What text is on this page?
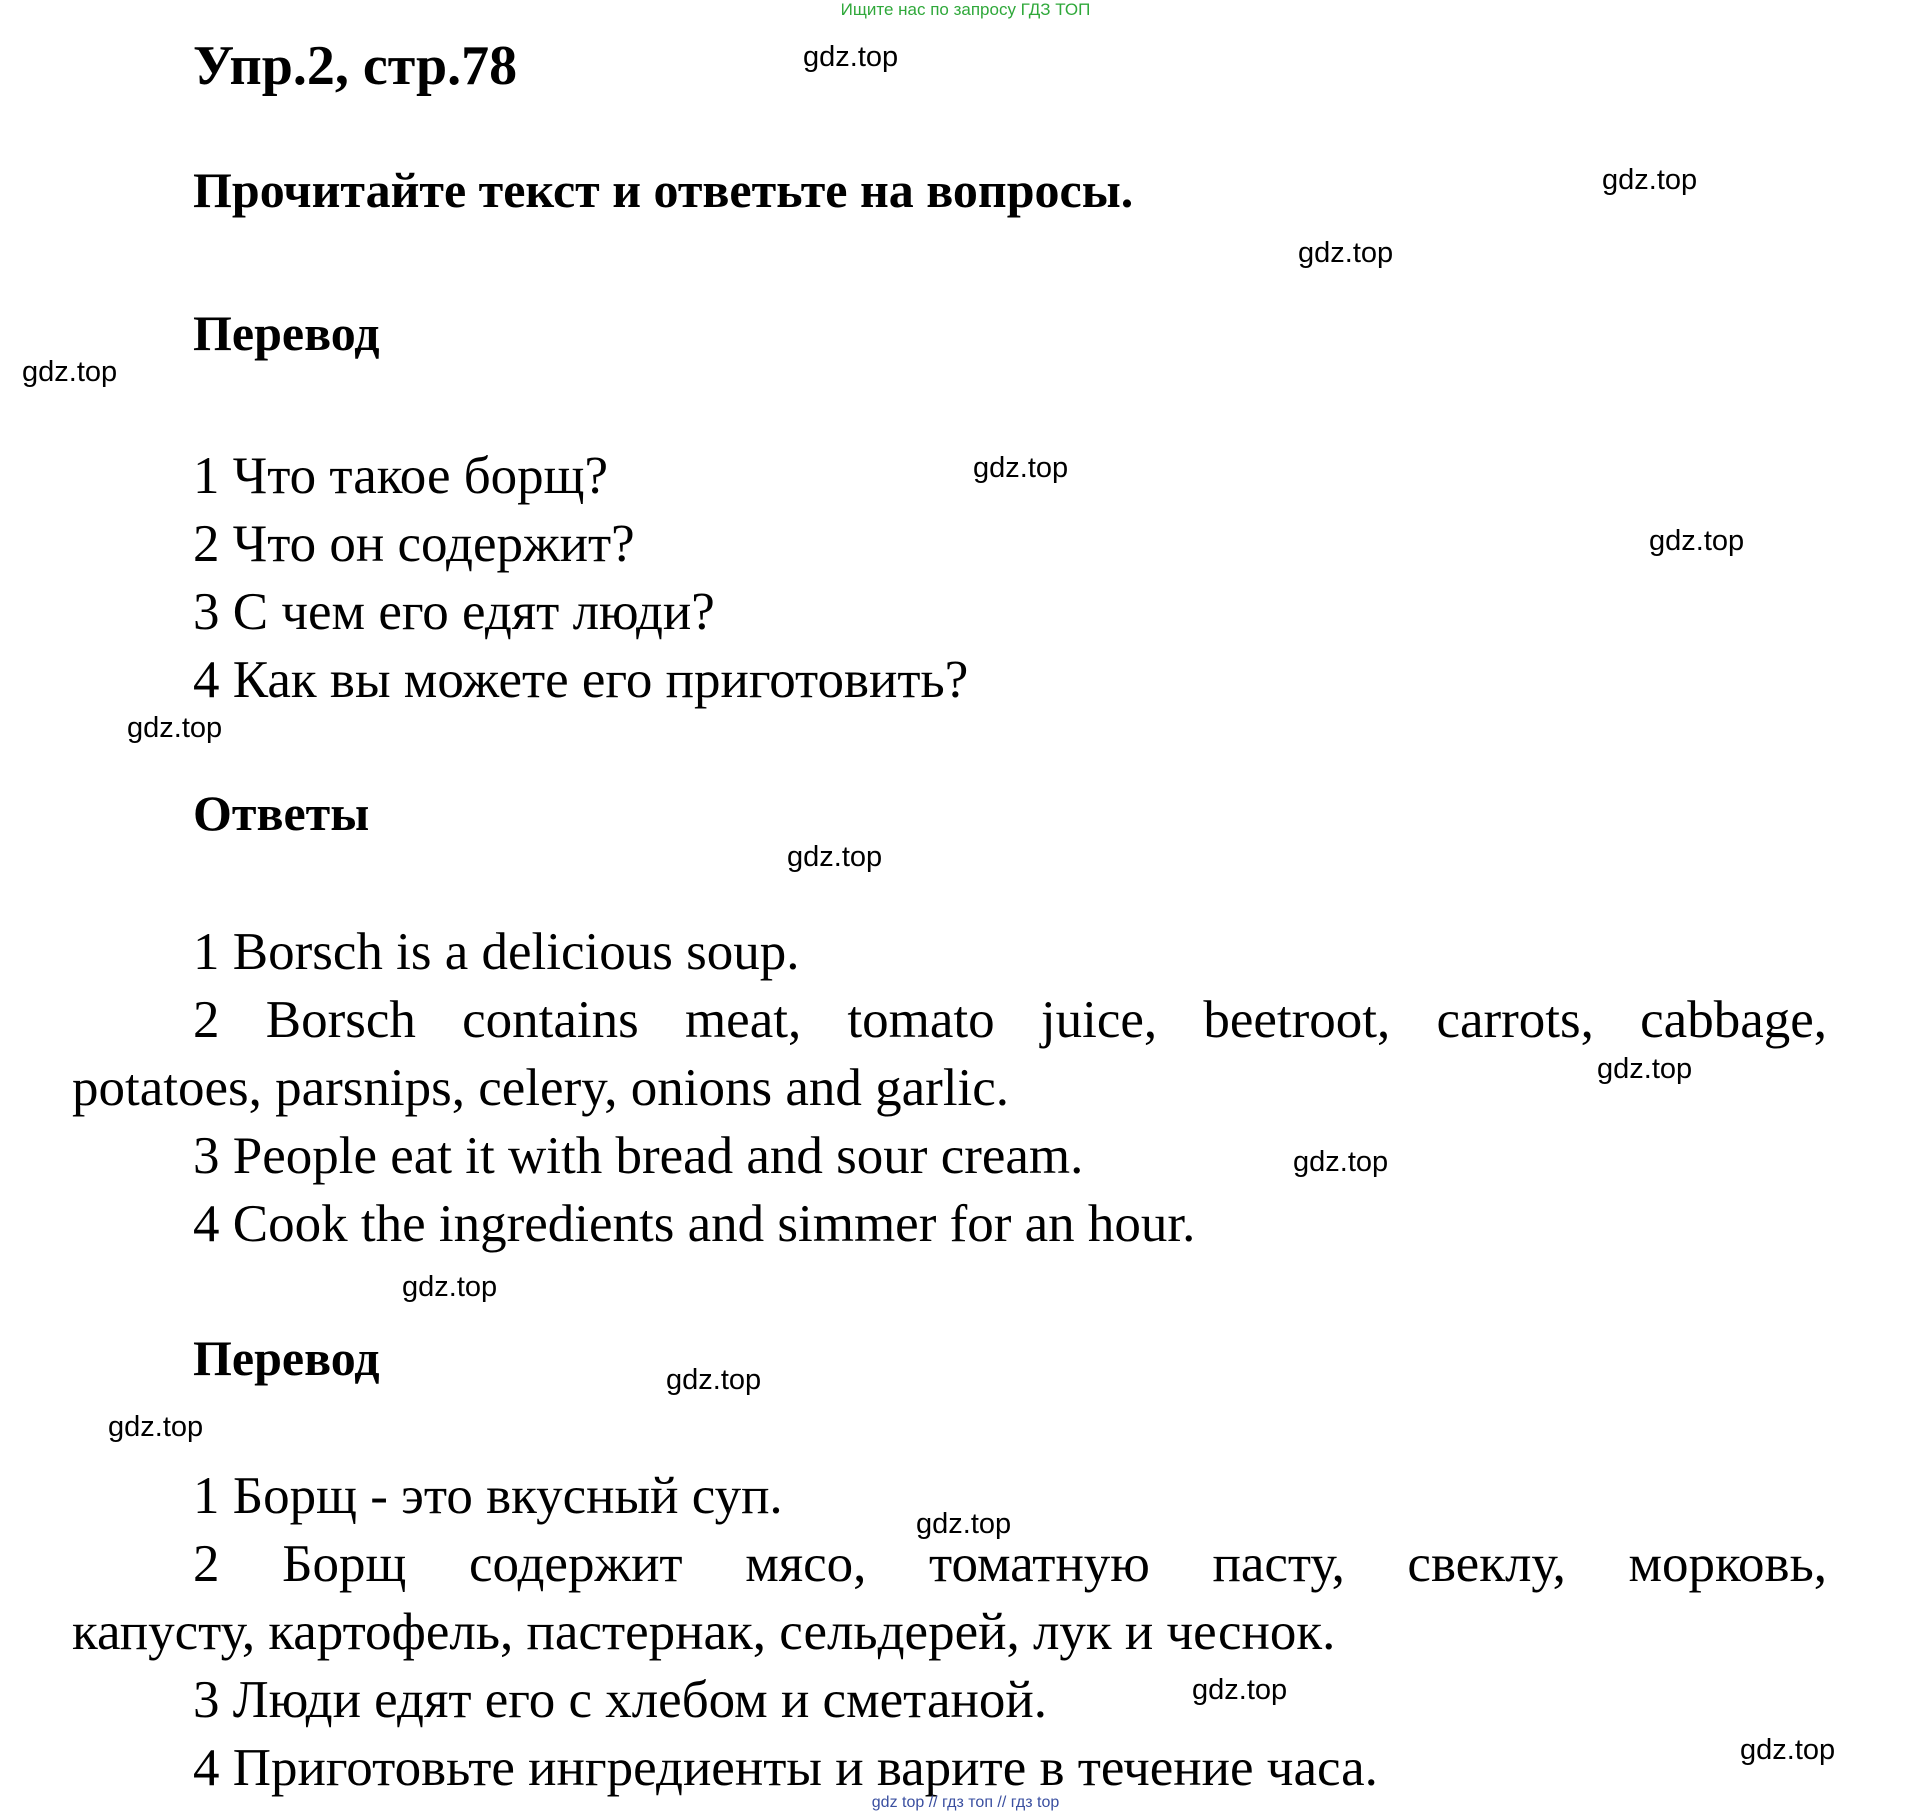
Ищите нас по запросу ГДЗ ТОП
Упр.2, стр.78
Прочитайте текст и ответьте на вопросы.
Перевод
1 Что такое борщ?
2 Что он содержит?
3 С чем его едят люди?
4 Как вы можете его приготовить?
Ответы
1 Borsch is a delicious soup.
2 Borsch contains meat, tomato juice, beetroot, carrots, cabbage,
potatoes, parsnips, celery, onions and garlic.
3 People eat it with bread and sour cream.
4 Cook the ingredients and simmer for an hour.
Перевод
1 Борщ - это вкусный суп.
2 Борщ содержит мясо, томатную пасту, свеклу, морковь,
капусту, картофель, пастернак, сельдерей, лук и чеснок.
3 Люди едят его с хлебом и сметаной.
4 Приготовьте ингредиенты и варите в течение часа.
gdz.top
gdz.top
gdz.top
gdz.top
gdz.top
gdz.top
gdz.top
gdz.top
gdz.top
gdz.top
gdz.top
gdz.top
gdz.top
gdz.top
gdz.top
gdz.top
gdz top // гдз топ // гдз top
